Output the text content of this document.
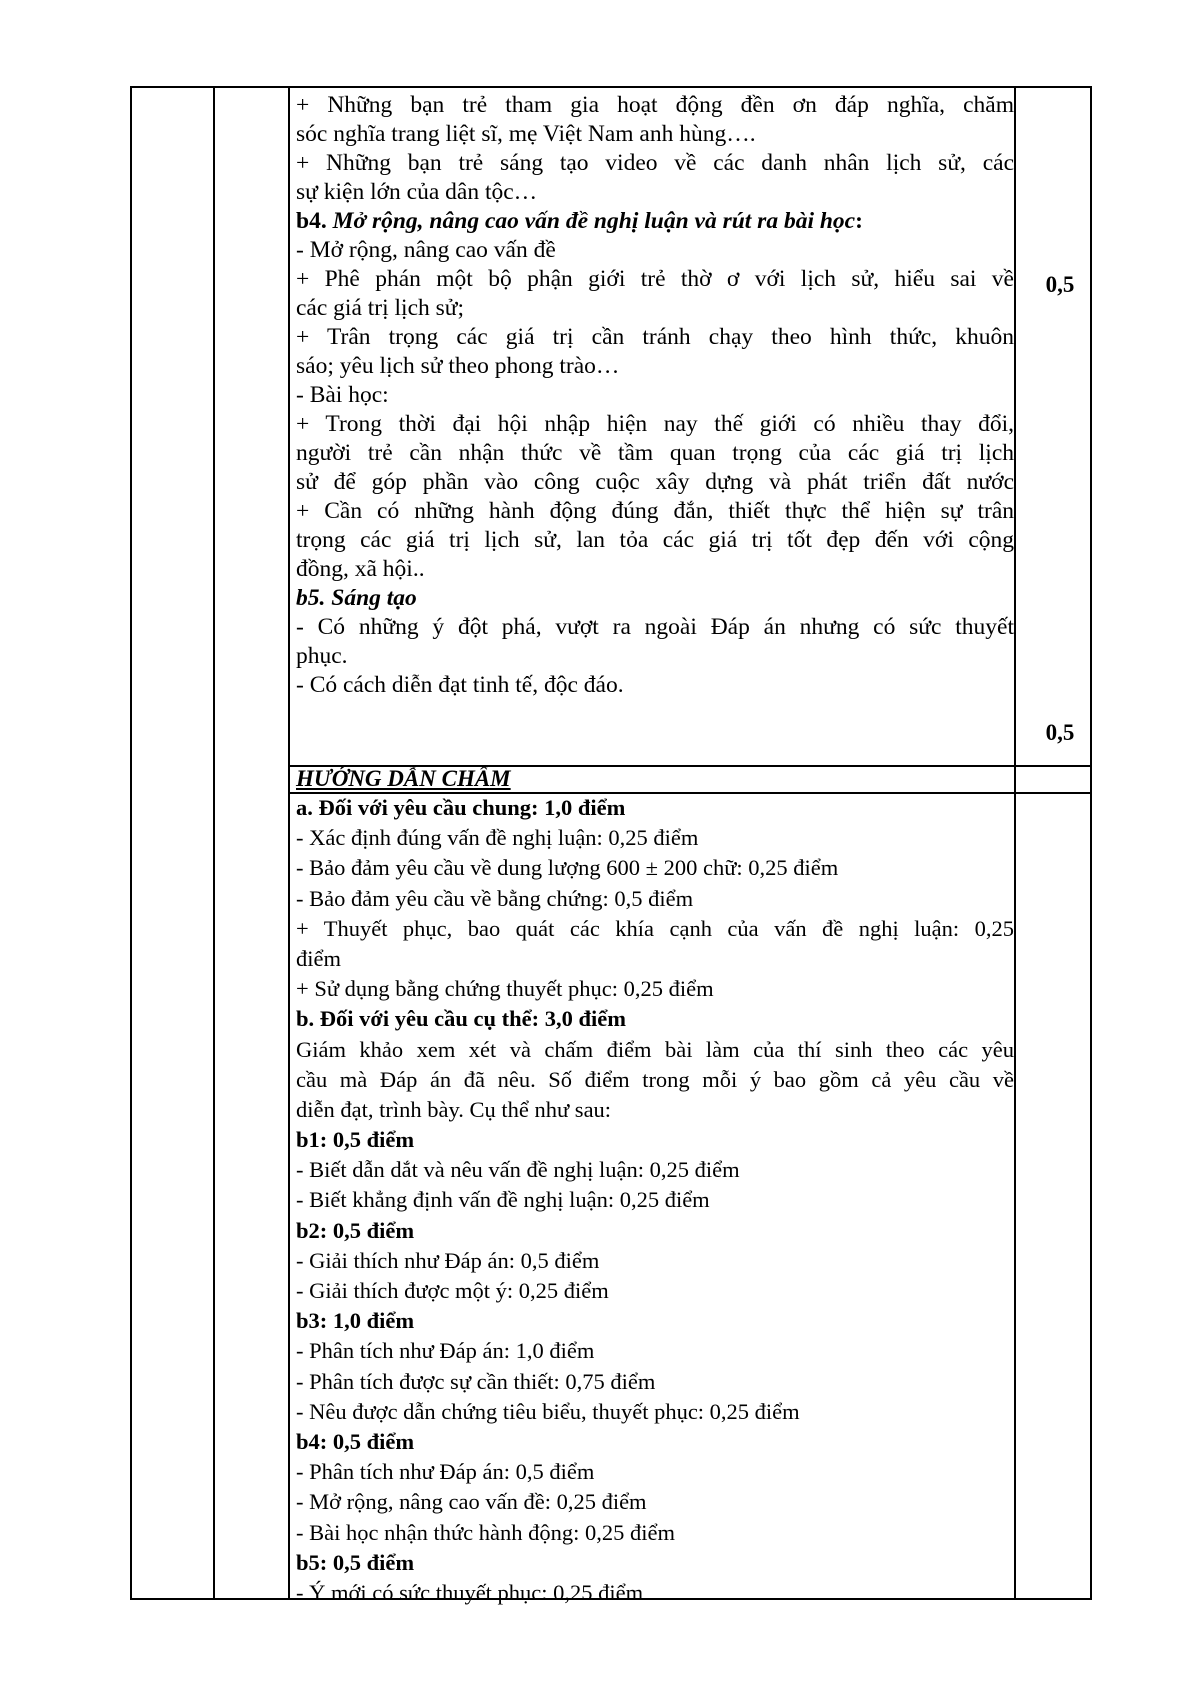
+ Những bạn trẻ tham gia hoạt động đền ơn đáp nghĩa, chăm
sóc nghĩa trang liệt sĩ, mẹ Việt Nam anh hùng….
+ Những bạn trẻ sáng tạo video về các danh nhân lịch sử, các
sự kiện lớn của dân tộc…
b4. Mở rộng, nâng cao vấn đề nghị luận và rút ra bài học:
- Mở rộng, nâng cao vấn đề
+ Phê phán một bộ phận giới trẻ thờ ơ với lịch sử, hiểu sai về
các giá trị lịch sử;
+ Trân trọng các giá trị cần tránh chạy theo hình thức, khuôn
sáo; yêu lịch sử theo phong trào…
- Bài học:
+ Trong thời đại hội nhập hiện nay thế giới có nhiều thay đổi,
người trẻ cần nhận thức về tầm quan trọng của các giá trị lịch
sử để góp phần vào công cuộc xây dựng và phát triển đất nước
+ Cần có những hành động đúng đắn, thiết thực thể hiện sự trân
trọng các giá trị lịch sử, lan tỏa các giá trị tốt đẹp đến với cộng
đồng, xã hội..
b5. Sáng tạo
- Có những ý đột phá, vượt ra ngoài Đáp án nhưng có sức thuyết
phục.
- Có cách diễn đạt tinh tế, độc đáo.
0,5
0,5
HƯỚNG DẪN CHẤM
a. Đối với yêu cầu chung: 1,0 điểm
- Xác định đúng vấn đề nghị luận: 0,25 điểm
- Bảo đảm yêu cầu về dung lượng 600 ± 200 chữ: 0,25 điểm
- Bảo đảm yêu cầu về bằng chứng: 0,5 điểm
+ Thuyết phục, bao quát các khía cạnh của vấn đề nghị luận: 0,25
điểm
+ Sử dụng bằng chứng thuyết phục: 0,25 điểm
b. Đối với yêu cầu cụ thể: 3,0 điểm
Giám khảo xem xét và chấm điểm bài làm của thí sinh theo các yêu
cầu mà Đáp án đã nêu. Số điểm trong mỗi ý bao gồm cả yêu cầu về
diễn đạt, trình bày. Cụ thể như sau:
b1: 0,5 điểm
- Biết dẫn dắt và nêu vấn đề nghị luận: 0,25 điểm
- Biết khẳng định vấn đề nghị luận: 0,25 điểm
b2: 0,5 điểm
- Giải thích như Đáp án: 0,5 điểm
- Giải thích được một ý: 0,25 điểm
b3: 1,0 điểm
- Phân tích như Đáp án: 1,0 điểm
- Phân tích được sự cần thiết: 0,75 điểm
- Nêu được dẫn chứng tiêu biểu, thuyết phục: 0,25 điểm
b4: 0,5 điểm
- Phân tích như Đáp án: 0,5 điểm
- Mở rộng, nâng cao vấn đề: 0,25 điểm
- Bài học nhận thức hành động: 0,25 điểm
b5: 0,5 điểm
- Ý mới có sức thuyết phục: 0,25 điểm
